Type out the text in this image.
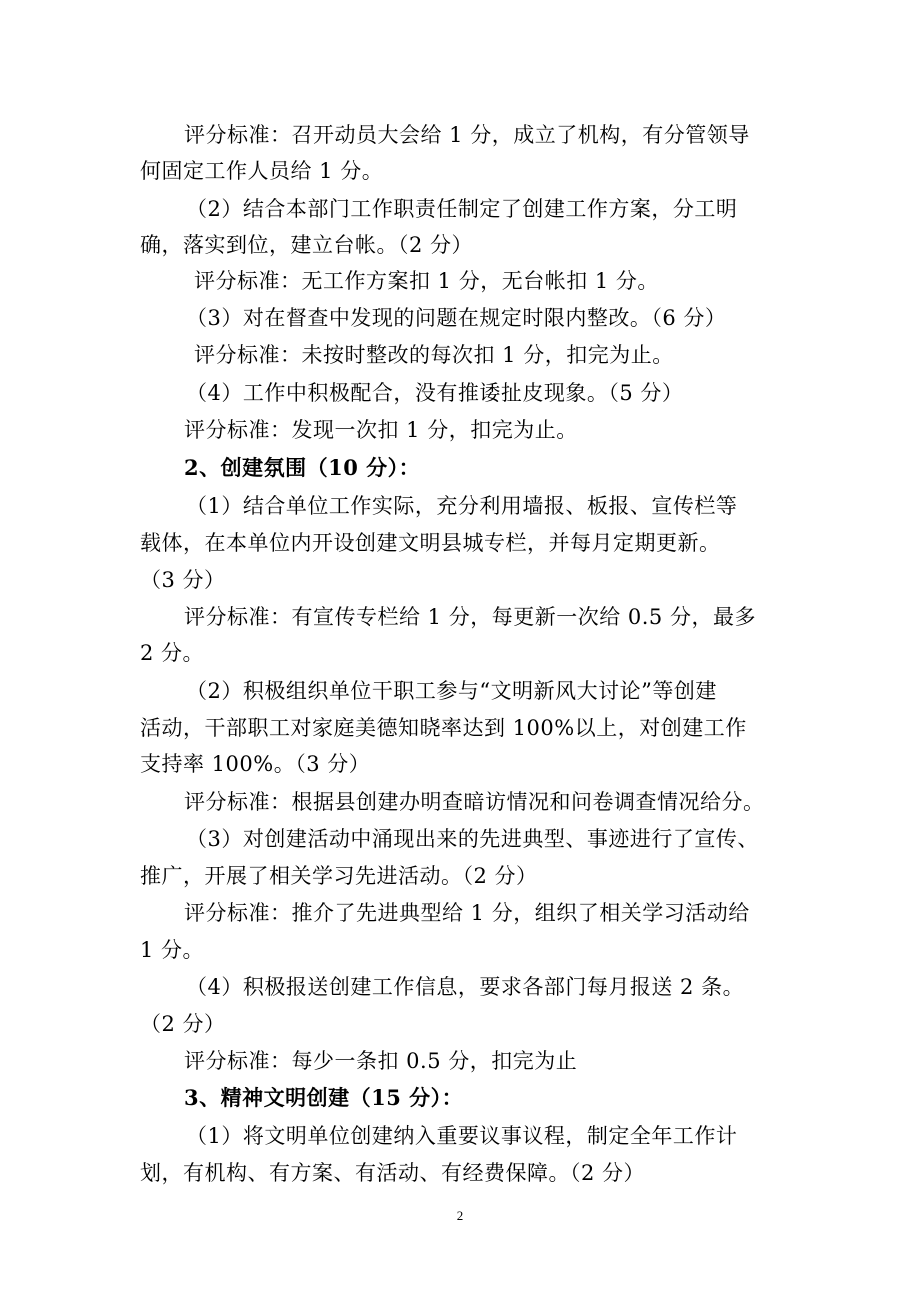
评分标准：召开动员大会给 1 分，成立了机构，有分管领导
何固定工作人员给 1 分。
（2）结合本部门工作职责任制定了创建工作方案，分工明
确，落实到位，建立台帐。（2 分）
评分标准：无工作方案扣 1 分，无台帐扣 1 分。
（3）对在督查中发现的问题在规定时限内整改。（6 分）
评分标准：未按时整改的每次扣 1 分，扣完为止。
（4）工作中积极配合，没有推诿扯皮现象。（5 分）
评分标准：发现一次扣 1 分，扣完为止。
2、创建氛围（10 分）：
（1）结合单位工作实际，充分利用墙报、板报、宣传栏等
载体，在本单位内开设创建文明县城专栏，并每月定期更新。
（3 分）
评分标准：有宣传专栏给 1 分，每更新一次给 0.5 分，最多
2 分。
（2）积极组织单位干职工参与“文明新风大讨论”等创建
活动，干部职工对家庭美德知晓率达到 100%以上，对创建工作
支持率 100%。（3 分）
评分标准：根据县创建办明查暗访情况和问卷调查情况给分。
（3）对创建活动中涌现出来的先进典型、事迹进行了宣传、
推广，开展了相关学习先进活动。（2 分）
评分标准：推介了先进典型给 1 分，组织了相关学习活动给
1 分。
（4）积极报送创建工作信息，要求各部门每月报送 2 条。
（2 分）
评分标准：每少一条扣 0.5 分，扣完为止
3、精神文明创建（15 分）：
（1）将文明单位创建纳入重要议事议程，制定全年工作计
划，有机构、有方案、有活动、有经费保障。（2 分）
2
